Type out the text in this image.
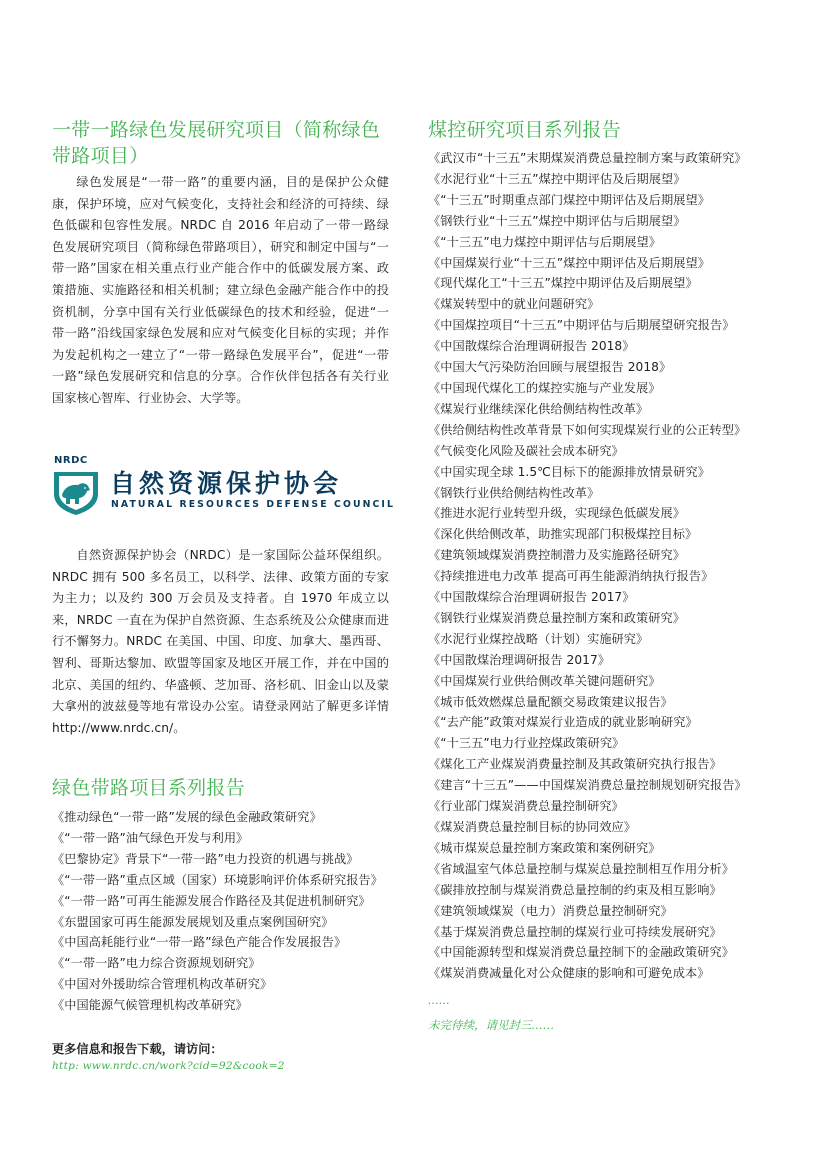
一带一路绿色发展研究项目（简称绿色带路项目）

绿色发展是“一带一路”的重要内涵，目的是保护公众健康，保护环境，应对气候变化，支持社会和经济的可持续、绿色低碳和包容性发展。NRDC 自 2016 年启动了一带一路绿色发展研究项目（简称绿色带路项目），研究和制定中国与“一带一路”国家在相关重点行业产能合作中的低碳发展方案、政策措施、实施路径和相关机制；建立绿色金融产能合作中的投资机制，分享中国有关行业低碳绿色的技术和经验，促进“一带一路”沿线国家绿色发展和应对气候变化目标的实现；并作为发起机构之一建立了“一带一路绿色发展平台”，促进“一带一路”绿色发展研究和信息的分享。合作伙伴包括各有关行业国家核心智库、行业协会、大学等。

NRDC
自然资源保护协会
NATURAL RESOURCES DEFENSE COUNCIL

自然资源保护协会（NRDC）是一家国际公益环保组织。NRDC 拥有 500 多名员工，以科学、法律、政策方面的专家为主力；以及约 300 万会员及支持者。自 1970 年成立以来，NRDC 一直在为保护自然资源、生态系统及公众健康而进行不懈努力。NRDC 在美国、中国、印度、加拿大、墨西哥、智利、哥斯达黎加、欧盟等国家及地区开展工作，并在中国的北京、美国的纽约、华盛顿、芝加哥、洛杉矶、旧金山以及蒙大拿州的波兹曼等地有常设办公室。请登录网站了解更多详情 http://www.nrdc.cn/。

绿色带路项目系列报告
《推动绿色“一带一路”发展的绿色金融政策研究》
《“一带一路”油气绿色开发与利用》
《巴黎协定》背景下“一带一路”电力投资的机遇与挑战》
《“一带一路”重点区域（国家）环境影响评价体系研究报告》
《“一带一路”可再生能源发展合作路径及其促进机制研究》
《东盟国家可再生能源发展规划及重点案例国研究》
《中国高耗能行业“一带一路”绿色产能合作发展报告》
《“一带一路”电力综合资源规划研究》
《中国对外援助综合管理机构改革研究》
《中国能源气候管理机构改革研究》

更多信息和报告下载，请访问：

http: www.nrdc.cn/work?cid=92&cook=2

煤控研究项目系列报告
《武汉市“十三五”末期煤炭消费总量控制方案与政策研究》
《水泥行业“十三五”煤控中期评估及后期展望》
《“十三五”时期重点部门煤控中期评估及后期展望》
《钢铁行业“十三五”煤控中期评估与后期展望》
《“十三五”电力煤控中期评估与后期展望》
《中国煤炭行业“十三五”煤控中期评估及后期展望》
《现代煤化工“十三五”煤控中期评估及后期展望》
《煤炭转型中的就业问题研究》
《中国煤控项目“十三五”中期评估与后期展望研究报告》
《中国散煤综合治理调研报告 2018》
《中国大气污染防治回顾与展望报告 2018》
《中国现代煤化工的煤控实施与产业发展》
《煤炭行业继续深化供给侧结构性改革》
《供给侧结构性改革背景下如何实现煤炭行业的公正转型》
《气候变化风险及碳社会成本研究》
《中国实现全球 1.5℃目标下的能源排放情景研究》
《钢铁行业供给侧结构性改革》
《推进水泥行业转型升级，实现绿色低碳发展》
《深化供给侧改革，助推实现部门积极煤控目标》
《建筑领域煤炭消费控制潜力及实施路径研究》
《持续推进电力改革 提高可再生能源消纳执行报告》
《中国散煤综合治理调研报告 2017》
《钢铁行业煤炭消费总量控制方案和政策研究》
《水泥行业煤控战略（计划）实施研究》
《中国散煤治理调研报告 2017》
《中国煤炭行业供给侧改革关键问题研究》
《城市低效燃煤总量配额交易政策建议报告》
《“去产能”政策对煤炭行业造成的就业影响研究》
《“十三五”电力行业控煤政策研究》
《煤化工产业煤炭消费量控制及其政策研究执行报告》
《建言“十三五”——中国煤炭消费总量控制规划研究报告》
《行业部门煤炭消费总量控制研究》
《煤炭消费总量控制目标的协同效应》
《城市煤炭总量控制方案政策和案例研究》
《省域温室气体总量控制与煤炭总量控制相互作用分析》
《碳排放控制与煤炭消费总量控制的约束及相互影响》
《建筑领域煤炭（电力）消费总量控制研究》
《基于煤炭消费总量控制的煤炭行业可持续发展研究》
《中国能源转型和煤炭消费总量控制下的金融政策研究》
《煤炭消费减量化对公众健康的影响和可避免成本》

……

未完待续，请见封三……
